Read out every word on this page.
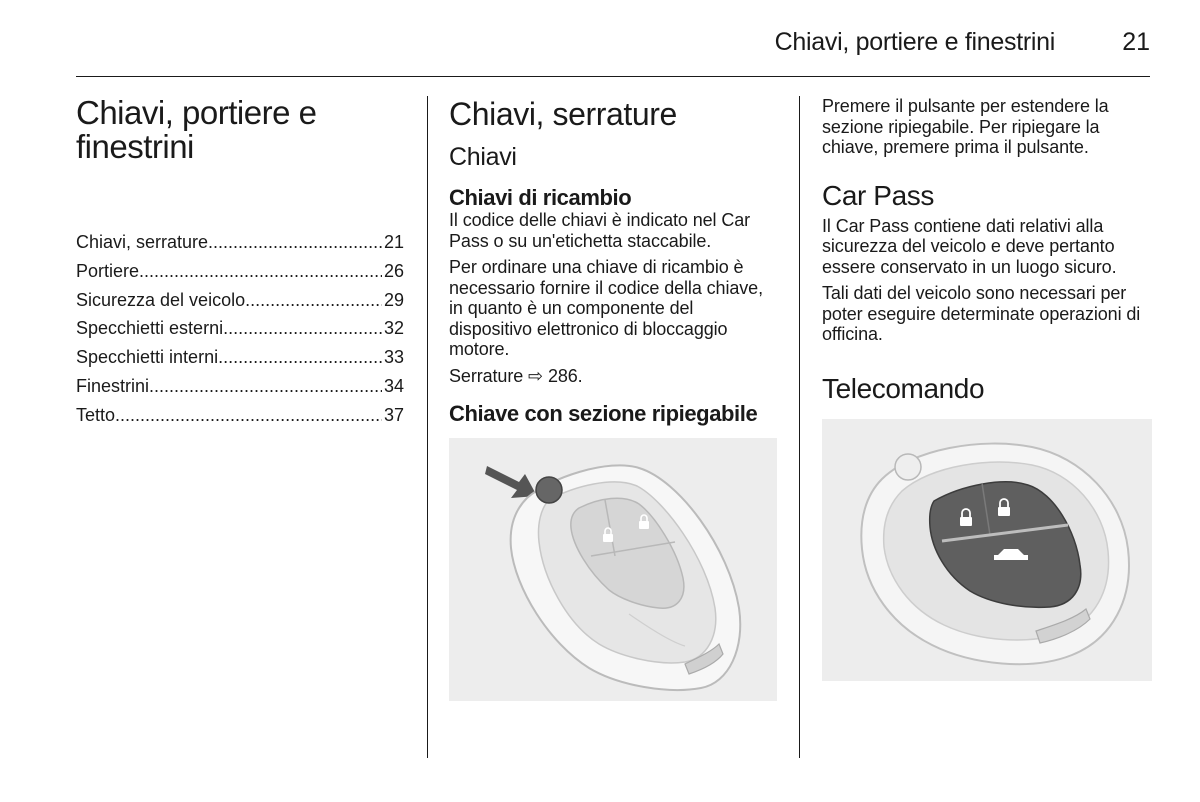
Chiavi, portiere e finestrini	21
Chiavi, portiere e
finestrini
Chiavi, serrature .....	21
Portiere .....	26
Sicurezza del veicolo .....	29
Specchietti esterni .....	32
Specchietti interni .....	33
Finestrini .....	34
Tetto .....	37
Chiavi, serrature
Chiavi
Chiavi di ricambio

Il codice delle chiavi è indicato nel Car Pass o su un'etichetta staccabile.

Per ordinare una chiave di ricambio è necessario fornire il codice della chiave, in quanto è un componente del dispositivo elettronico di bloccaggio motore.

Serrature ⇨ 286.

Chiave con sezione ripiegabile

Premere il pulsante per estendere la sezione ripiegabile. Per ripiegare la chiave, premere prima il pulsante.

Car Pass

Il Car Pass contiene dati relativi alla sicurezza del veicolo e deve pertanto essere conservato in un luogo sicuro.

Tali dati del veicolo sono necessari per poter eseguire determinate operazioni di officina.

Telecomando
